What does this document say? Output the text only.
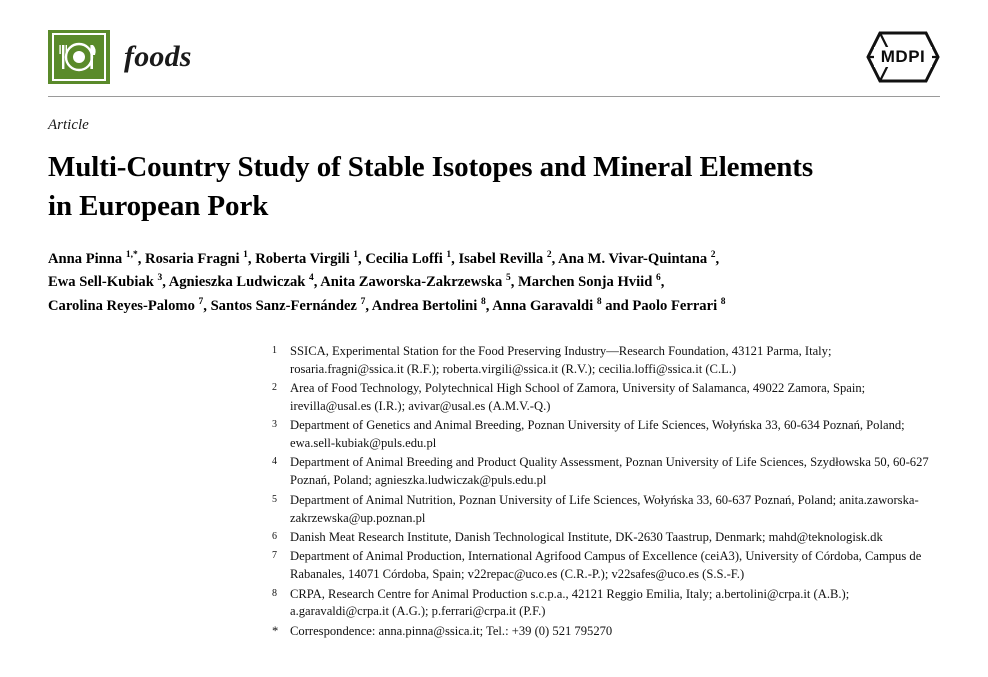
foods	MDPI
Article
Multi-Country Study of Stable Isotopes and Mineral Elements in European Pork
Anna Pinna $^{1,*}$, Rosaria Fragni $^1$, Roberta Virgili $^1$, Cecilia Loffi $^1$, Isabel Revilla $^2$, Ana M. Vivar-Quintana $^2$,
Ewa Sell-Kubiak $^3$, Agnieszka Ludwiczak $^4$, Anita Zaworska-Zakrzewska $^5$, Marchen Sonja Hviid $^6$,
Carolina Reyes-Palomo $^7$, Santos Sanz-Fernández $^7$, Andrea Bertolini $^8$, Anna Garavaldi $^8$ and Paolo Ferrari $^8$
1	SSICA, Experimental Station for the Food Preserving Industry—Research Foundation, 43121 Parma, Italy; rosaria.fragni@ssica.it (R.F.); roberta.virgili@ssica.it (R.V.); cecilia.loffi@ssica.it (C.L.)
2	Area of Food Technology, Polytechnical High School of Zamora, University of Salamanca, 49022 Zamora, Spain; irevilla@usal.es (I.R.); avivar@usal.es (A.M.V.-Q.)
3	Department of Genetics and Animal Breeding, Poznan University of Life Sciences, Wołyńska 33, 60-634 Poznań, Poland; ewa.sell-kubiak@puls.edu.pl
4	Department of Animal Breeding and Product Quality Assessment, Poznan University of Life Sciences, Szydłowska 50, 60-627 Poznań, Poland; agnieszka.ludwiczak@puls.edu.pl
5	Department of Animal Nutrition, Poznan University of Life Sciences, Wołyńska 33, 60-637 Poznań, Poland; anita.zaworska-zakrzewska@up.poznan.pl
6	Danish Meat Research Institute, Danish Technological Institute, DK-2630 Taastrup, Denmark; mahd@teknologisk.dk
7	Department of Animal Production, International Agrifood Campus of Excellence (ceiA3), University of Córdoba, Campus de Rabanales, 14071 Córdoba, Spain; v22repac@uco.es (C.R.-P.); v22safes@uco.es (S.S.-F.)
8	CRPA, Research Centre for Animal Production s.c.p.a., 42121 Reggio Emilia, Italy; a.bertolini@crpa.it (A.B.); a.garavaldi@crpa.it (A.G.); p.ferrari@crpa.it (P.F.)
* Correspondence: anna.pinna@ssica.it; Tel.: +39 (0) 521 795270
